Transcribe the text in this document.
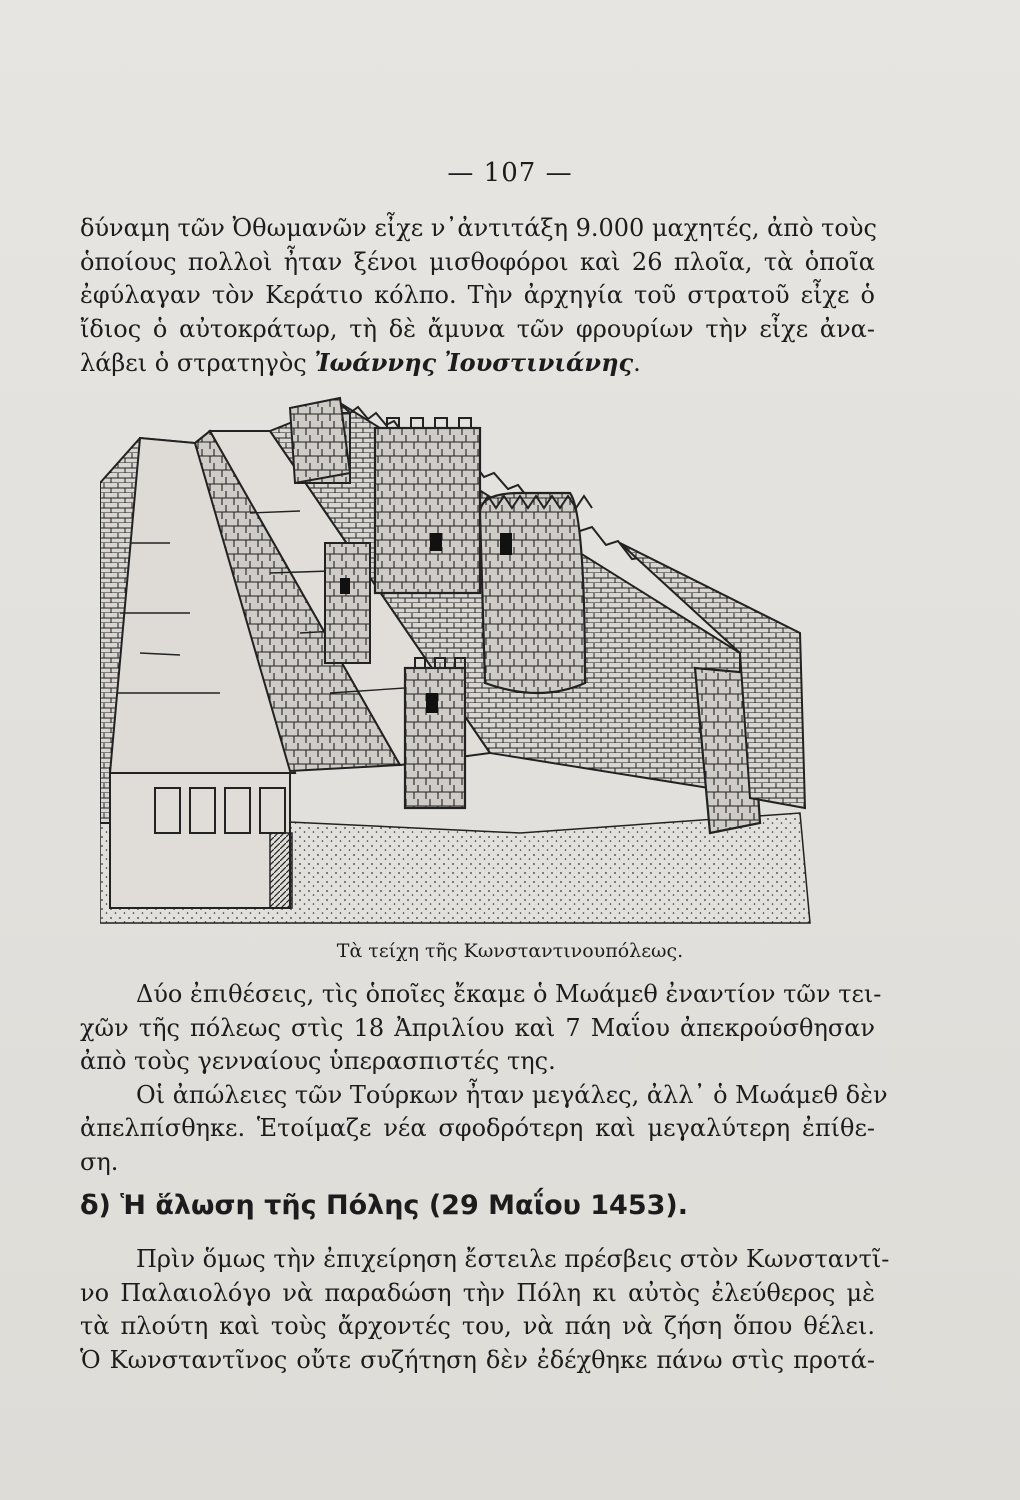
— 107 —
δύναμη τῶν Ὀθωμανῶν εἶχε ν᾽ἀντιτάξη 9.000 μαχητές, ἀπὸ τοὺς
ὁποίους πολλοὶ ἦταν ξένοι μισθοφόροι καὶ 26 πλοῖα, τὰ ὁποῖα
ἐφύλαγαν τὸν Κεράτιο κόλπο. Τὴν ἀρχηγία τοῦ στρατοῦ εἶχε ὁ
ἴδιος ὁ αὐτοκράτωρ, τὴ δὲ ἄμυνα τῶν φρουρίων τὴν εἶχε ἀνα-
λάβει ὁ στρατηγὸς Ἰωάννης Ἰουστινιάνης.
Τὰ τείχη τῆς Κωνσταντινουπόλεως.
Δύο ἐπιθέσεις, τὶς ὁποῖες ἔκαμε ὁ Μωάμεθ ἐναντίον τῶν τει-
χῶν τῆς πόλεως στὶς 18 Ἀπριλίου καὶ 7 Μαΐου ἀπεκρούσθησαν
ἀπὸ τοὺς γενναίους ὑπερασπιστές της.
Οἱ ἀπώλειες τῶν Τούρκων ἦταν μεγάλες, ἀλλ᾽ ὁ Μωάμεθ δὲν
ἀπελπίσθηκε. Ἑτοίμαζε νέα σφοδρότερη καὶ μεγαλύτερη ἐπίθε-
ση.
δ) Ἡ ἅλωση τῆς Πόλης (29 Μαΐου 1453).
Πρὶν ὅμως τὴν ἐπιχείρηση ἔστειλε πρέσβεις στὸν Κωνσταντῖ-
νο Παλαιολόγο νὰ παραδώση τὴν Πόλη κι αὐτὸς ἐλεύθερος μὲ
τὰ πλούτη καὶ τοὺς ἄρχοντές του, νὰ πάη νὰ ζήση ὅπου θέλει.
Ὁ Κωνσταντῖνος οὔτε συζήτηση δὲν ἐδέχθηκε πάνω στὶς προτά-
